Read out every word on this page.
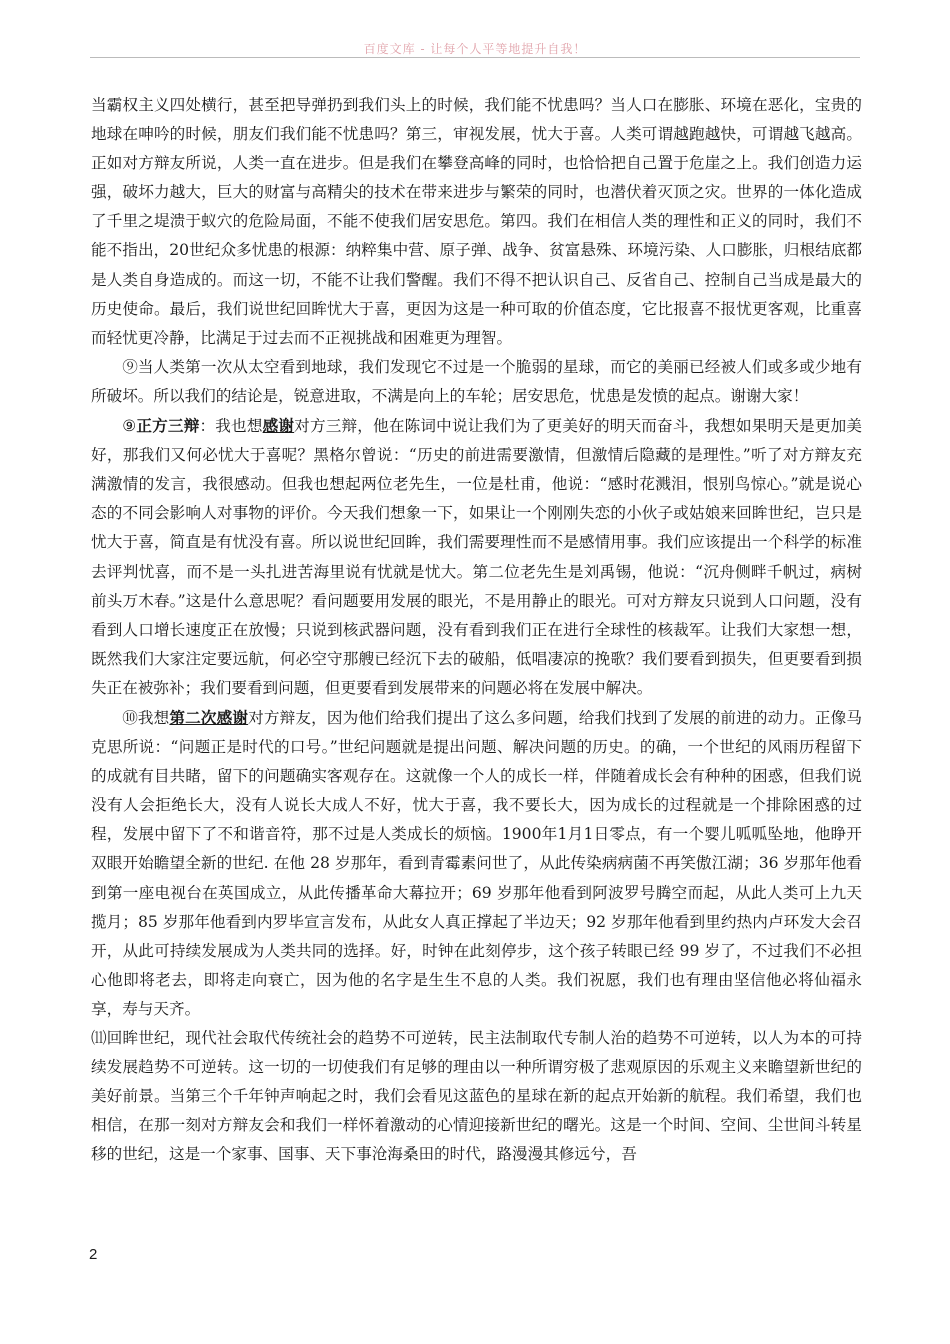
百度文库 - 让每个人平等地提升自我！

当霸权主义四处横行，甚至把导弹扔到我们头上的时候，我们能不忧患吗？当人口在膨胀、环境在恶化，宝贵的地球在呻吟的时候，朋友们我们能不忧患吗？第三，审视发展，忧大于喜。人类可谓越跑越快，可谓越飞越高。正如对方辩友所说，人类一直在进步。但是我们在攀登高峰的同时，也恰恰把自己置于危崖之上。我们创造力运强，破坏力越大，巨大的财富与高精尖的技术在带来进步与繁荣的同时，也潜伏着灭顶之灾。世界的一体化造成了千里之堤溃于蚁穴的危险局面，不能不使我们居安思危。第四。我们在相信人类的理性和正义的同时，我们不能不指出，20世纪众多忧患的根源：纳粹集中营、原子弹、战争、贫富悬殊、环境污染、人口膨胀，归根结底都是人类自身造成的。而这一切，不能不让我们警醒。我们不得不把认识自己、反省自己、控制自己当成是最大的历史使命。最后，我们说世纪回眸忧大于喜，更因为这是一种可取的价值态度，它比报喜不报忧更客观，比重喜而轻忧更冷静，比满足于过去而不正视挑战和困难更为理智。

⑨当人类第一次从太空看到地球，我们发现它不过是一个脆弱的星球，而它的美丽已经被人们或多或少地有所破坏。所以我们的结论是，锐意进取，不满是向上的车轮；居安思危，忧患是发愤的起点。谢谢大家！

⑨正方三辩：我也想感谢对方三辩，他在陈词中说让我们为了更美好的明天而奋斗，我想如果明天是更加美好，那我们又何必忧大于喜呢？黑格尔曾说：“历史的前进需要激情，但激情后隐藏的是理性。”听了对方辩友充满激情的发言，我很感动。但我也想起两位老先生，一位是杜甫，他说：“感时花溅泪，恨别鸟惊心。”就是说心态的不同会影响人对事物的评价。今天我们想象一下，如果让一个刚刚失恋的小伙子或姑娘来回眸世纪，岂只是忧大于喜，简直是有忧没有喜。所以说世纪回眸，我们需要理性而不是感情用事。我们应该提出一个科学的标准去评判忧喜，而不是一头扎进苦海里说有忧就是忧大。第二位老先生是刘禹锡，他说：“沉舟侧畔千帆过，病树前头万木春。”这是什么意思呢？看问题要用发展的眼光，不是用静止的眼光。可对方辩友只说到人口问题，没有看到人口增长速度正在放慢；只说到核武器问题，没有看到我们正在进行全球性的核裁军。让我们大家想一想，既然我们大家注定要远航，何必空守那艘已经沉下去的破船，低唱凄凉的挽歌？我们要看到损失，但更要看到损失正在被弥补；我们要看到问题，但更要看到发展带来的问题必将在发展中解决。

⑩我想第二次感谢对方辩友，因为他们给我们提出了这么多问题，给我们找到了发展的前进的动力。正像马克思所说：“问题正是时代的口号。”世纪问题就是提出问题、解决问题的历史。的确，一个世纪的风雨历程留下的成就有目共睹，留下的问题确实客观存在。这就像一个人的成长一样，伴随着成长会有种种的困惑，但我们说没有人会拒绝长大，没有人说长大成人不好，忧大于喜，我不要长大，因为成长的过程就是一个排除困惑的过程，发展中留下了不和谐音符，那不过是人类成长的烦恼。1900年1月1日零点，有一个婴儿呱呱坠地，他睁开双眼开始瞻望全新的世纪. 在他 28 岁那年，看到青霉素问世了，从此传染病病菌不再笑傲江湖；36 岁那年他看到第一座电视台在英国成立，从此传播革命大幕拉开；69 岁那年他看到阿波罗号腾空而起，从此人类可上九天揽月；85 岁那年他看到内罗毕宣言发布，从此女人真正撑起了半边天；92 岁那年他看到里约热内卢环发大会召开，从此可持续发展成为人类共同的选择。好，时钟在此刻停步，这个孩子转眼已经 99 岁了，不过我们不必担心他即将老去，即将走向衰亡，因为他的名字是生生不息的人类。我们祝愿，我们也有理由坚信他必将仙福永享，寿与天齐。

⑾回眸世纪，现代社会取代传统社会的趋势不可逆转，民主法制取代专制人治的趋势不可逆转，以人为本的可持续发展趋势不可逆转。这一切的一切使我们有足够的理由以一种所谓穷极了悲观原因的乐观主义来瞻望新世纪的美好前景。当第三个千年钟声响起之时，我们会看见这蓝色的星球在新的起点开始新的航程。我们希望，我们也相信，在那一刻对方辩友会和我们一样怀着激动的心情迎接新世纪的曙光。这是一个时间、空间、尘世间斗转星移的世纪，这是一个家事、国事、天下事沧海桑田的时代，路漫漫其修远兮，吾

2
